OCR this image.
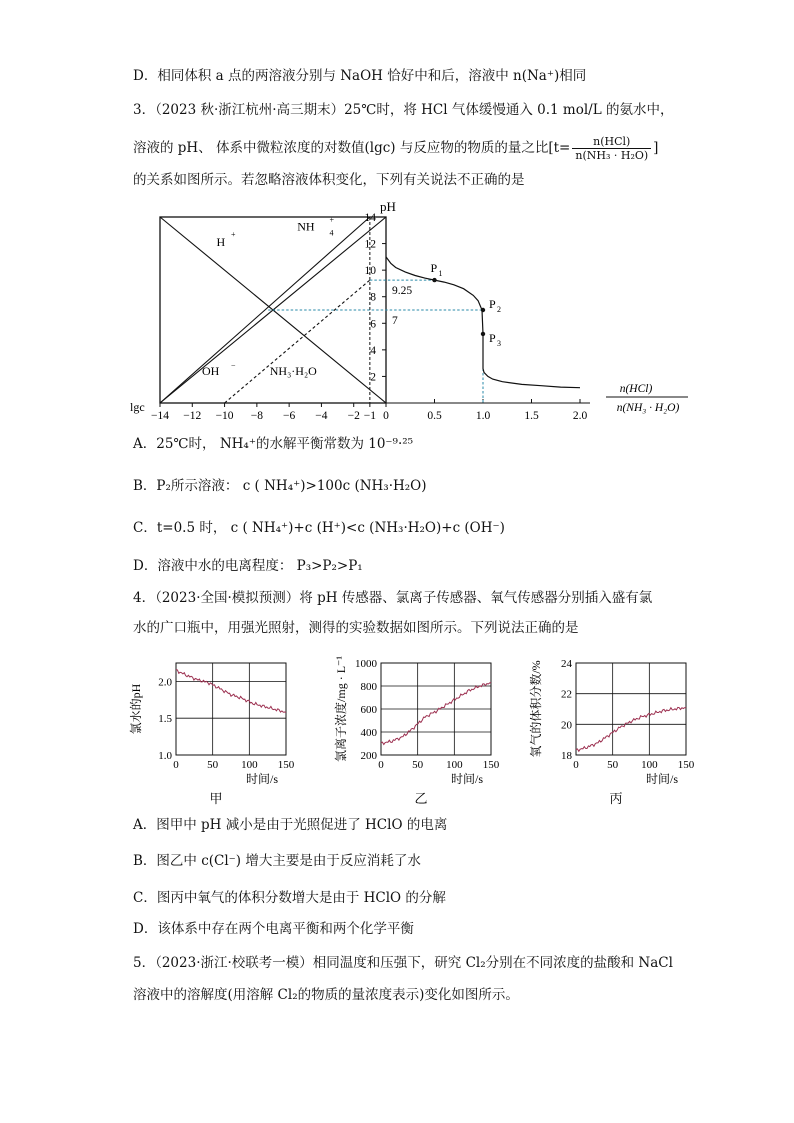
D．相同体积 a 点的两溶液分别与 NaOH 恰好中和后，溶液中 n(Na⁺)相同
3．（2023 秋·浙江杭州·高三期末）25℃时，将 HCl 气体缓慢通入 0.1 mol/L 的氨水中，
溶液的 pH、 体系中微粒浓度的对数值(lgc) 与反应物的物质的量之比[$t= \frac{\text{n(HCl)}}{\text{n(NH₃ · H₂O)}}$ ]
的关系如图所示。若忽略溶液体积变化，下列有关说法不正确的是
H
+
NH 4
+
OH −	NH₃·H₂O
−14 −12 −10 −8 −6 −4 −2 −1 0
lgc
pH
2
4
6
8
10
12
14
0.5	1.0	1.5	2.0
n(HCl)
n(NH₃ · H₂O)
9.25
7
P 1
P 2
P 3
A．25℃时， NH₄⁺的水解平衡常数为 10⁻⁹·²⁵
B．P₂所示溶液： c ( NH₄⁺)>100c (NH₃·H₂O)
C．t=0.5 时， c ( NH₄⁺)+c (H⁺)<c (NH₃·H₂O)+c (OH⁻)
D．溶液中水的电离程度： P₃>P₂>P₁
4．（2023·全国·模拟预测）将 pH 传感器、氯离子传感器、氧气传感器分别插入盛有氯
水的广口瓶中，用强光照射，测得的实验数据如图所示。下列说法正确的是
0	50 100 150
1.0
1.5
2.0
氯水的pH
时间/s
甲
0	50 100 150
200
400
600
800
1000
氯离子浓度/mg · L⁻¹
时间/s
乙
0	50 100 150
18
20
22
24
氧气的体积分数/%
时间/s
丙
A．图甲中 pH 减小是由于光照促进了 HClO 的电离
B．图乙中 c(Cl⁻) 增大主要是由于反应消耗了水
C．图丙中氧气的体积分数增大是由于 HClO 的分解
D．该体系中存在两个电离平衡和两个化学平衡
5．（2023·浙江·校联考一模）相同温度和压强下，研究 Cl₂分别在不同浓度的盐酸和 NaCl
溶液中的溶解度(用溶解 Cl₂的物质的量浓度表示)变化如图所示。
